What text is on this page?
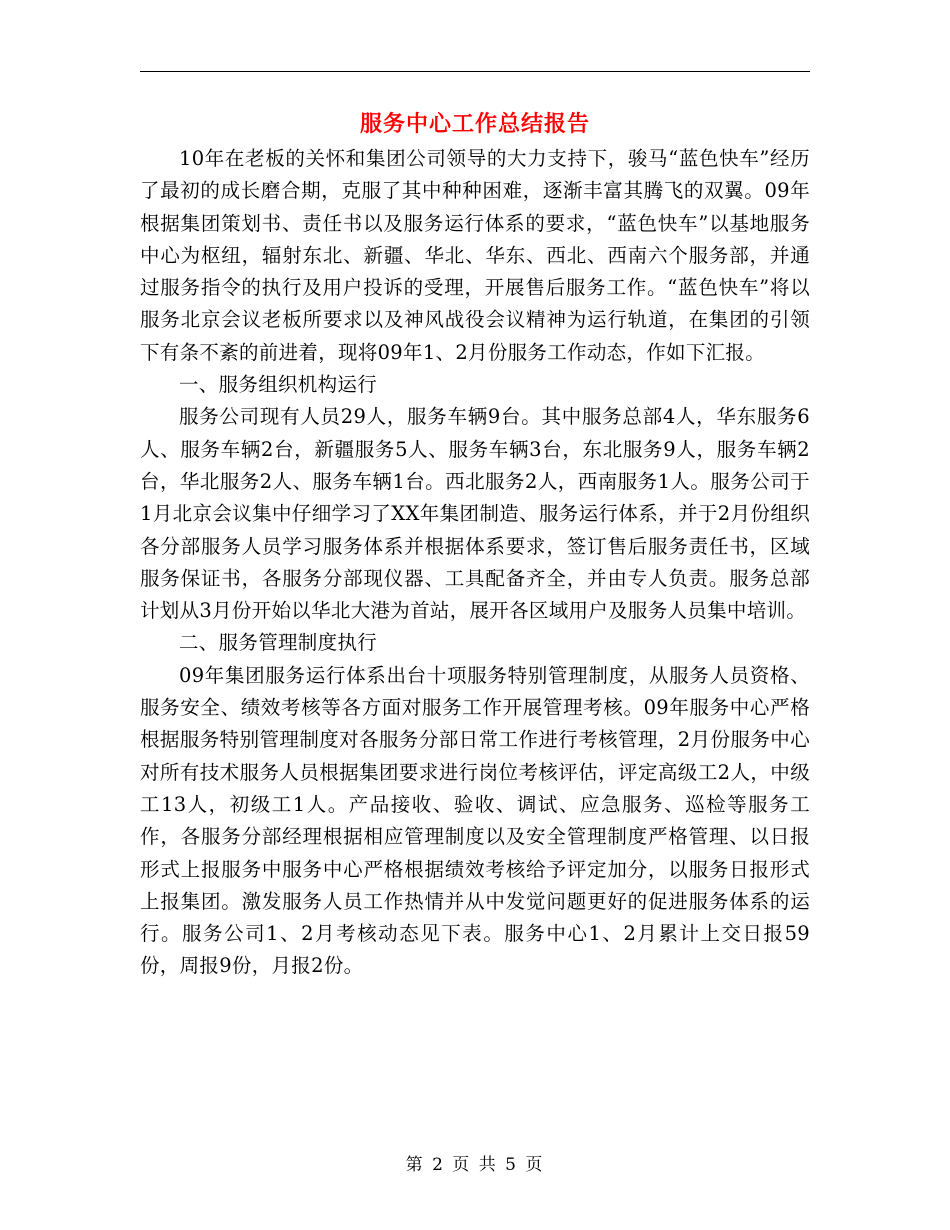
服务中心工作总结报告

10年在老板的关怀和集团公司领导的大力支持下，骏马“蓝色快车”经历了最初的成长磨合期，克服了其中种种困难，逐渐丰富其腾飞的双翼。09年根据集团策划书、责任书以及服务运行体系的要求，“蓝色快车”以基地服务中心为枢纽，辐射东北、新疆、华北、华东、西北、西南六个服务部，并通过服务指令的执行及用户投诉的受理，开展售后服务工作。“蓝色快车”将以服务北京会议老板所要求以及神风战役会议精神为运行轨道，在集团的引领下有条不紊的前进着，现将09年1、2月份服务工作动态，作如下汇报。

一、服务组织机构运行

服务公司现有人员29人，服务车辆9台。其中服务总部4人，华东服务6人、服务车辆2台，新疆服务5人、服务车辆3台，东北服务9人，服务车辆2台，华北服务2人、服务车辆1台。西北服务2人，西南服务1人。服务公司于1月北京会议集中仔细学习了XX年集团制造、服务运行体系，并于2月份组织各分部服务人员学习服务体系并根据体系要求，签订售后服务责任书，区域服务保证书，各服务分部现仪器、工具配备齐全，并由专人负责。服务总部计划从3月份开始以华北大港为首站，展开各区域用户及服务人员集中培训。

二、服务管理制度执行

09年集团服务运行体系出台十项服务特别管理制度，从服务人员资格、服务安全、绩效考核等各方面对服务工作开展管理考核。09年服务中心严格根据服务特别管理制度对各服务分部日常工作进行考核管理，2月份服务中心对所有技术服务人员根据集团要求进行岗位考核评估，评定高级工2人，中级工13人，初级工1人。产品接收、验收、调试、应急服务、巡检等服务工作，各服务分部经理根据相应管理制度以及安全管理制度严格管理、以日报形式上报服务中服务中心严格根据绩效考核给予评定加分，以服务日报形式上报集团。激发服务人员工作热情并从中发觉问题更好的促进服务体系的运行。服务公司1、2月考核动态见下表。服务中心1、2月累计上交日报59份，周报9份，月报2份。

第 2 页 共 5 页
